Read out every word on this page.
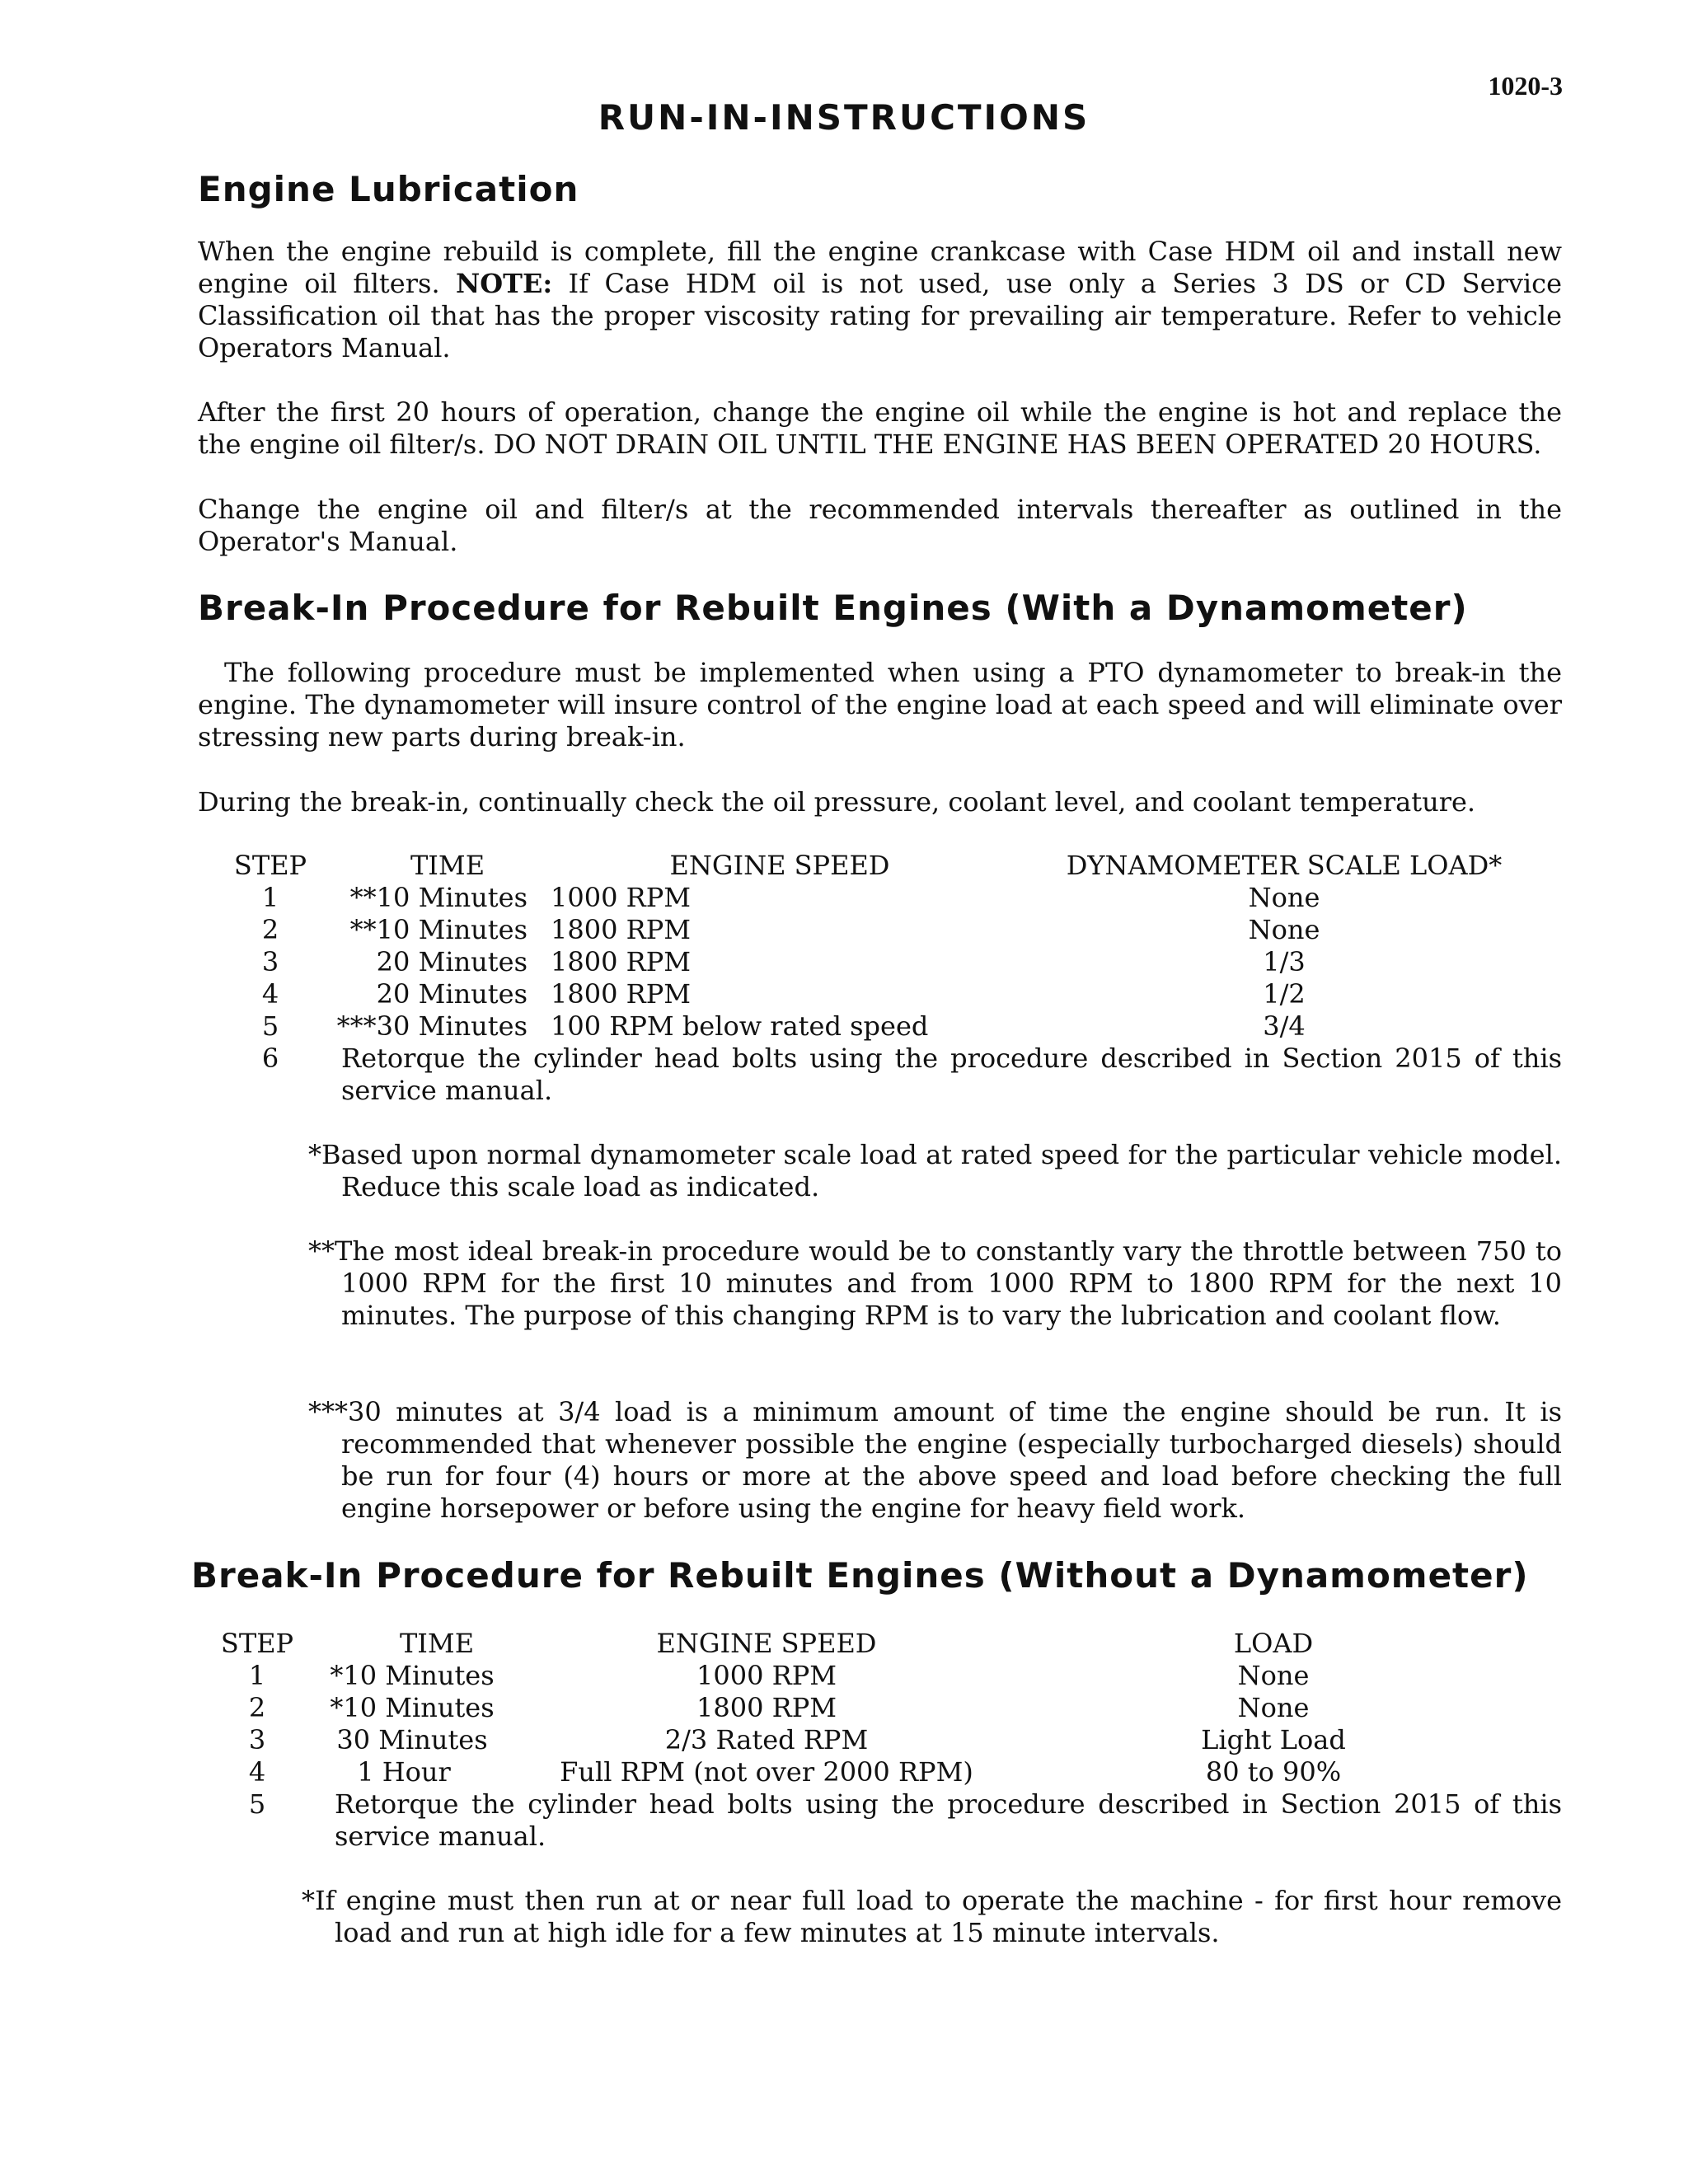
1020-3
RUN-IN-INSTRUCTIONS
Engine Lubrication

When the engine rebuild is complete, fill the engine crankcase with Case HDM oil and install new engine oil filters. NOTE: If Case HDM oil is not used, use only a Series 3 DS or CD Service Classification oil that has the proper viscosity rating for prevailing air temperature. Refer to vehicle Operators Manual.

After the first 20 hours of operation, change the engine oil while the engine is hot and replace the the engine oil filter/s. DO NOT DRAIN OIL UNTIL THE ENGINE HAS BEEN OPERATED 20 HOURS.

Change the engine oil and filter/s at the recommended intervals thereafter as outlined in the Operator's Manual.

Break-In Procedure for Rebuilt Engines (With a Dynamometer)

The following procedure must be implemented when using a PTO dynamometer to break-in the engine. The dynamometer will insure control of the engine load at each speed and will eliminate over stressing new parts during break-in.

During the break-in, continually check the oil pressure, coolant level, and coolant temperature.

STEP	TIME	ENGINE SPEED	DYNAMOMETER SCALE LOAD*
1	**10 Minutes 1000 RPM	None
2	**10 Minutes 1800 RPM	None
3	20 Minutes 1800 RPM	1/3
4	20 Minutes 1800 RPM	1/2
5 ***30 Minutes 100 RPM below rated speed	3/4
6 Retorque the cylinder head bolts using the procedure described in Section 2015 of this service manual.

*Based upon normal dynamometer scale load at rated speed for the particular vehicle model. Reduce this scale load as indicated.

**The most ideal break-in procedure would be to constantly vary the throttle between 750 to 1000 RPM for the first 10 minutes and from 1000 RPM to 1800 RPM for the next 10 minutes. The purpose of this changing RPM is to vary the lubrication and coolant flow.

***30 minutes at 3/4 load is a minimum amount of time the engine should be run. It is recommended that whenever possible the engine (especially turbocharged diesels) should be run for four (4) hours or more at the above speed and load before checking the full engine horsepower or before using the engine for heavy field work.

Break-In Procedure for Rebuilt Engines (Without a Dynamometer)
STEP	TIME	ENGINE SPEED	LOAD
1 *10 Minutes	1000 RPM	None
2 *10 Minutes	1800 RPM	None
3	30 Minutes	2/3 Rated RPM	Light Load
4	1 Hour	Full RPM (not over 2000 RPM)	80 to 90%
5	Retorque the cylinder head bolts using the procedure described in Section 2015 of this service manual.

*If engine must then run at or near full load to operate the machine - for first hour remove load and run at high idle for a few minutes at 15 minute intervals.
